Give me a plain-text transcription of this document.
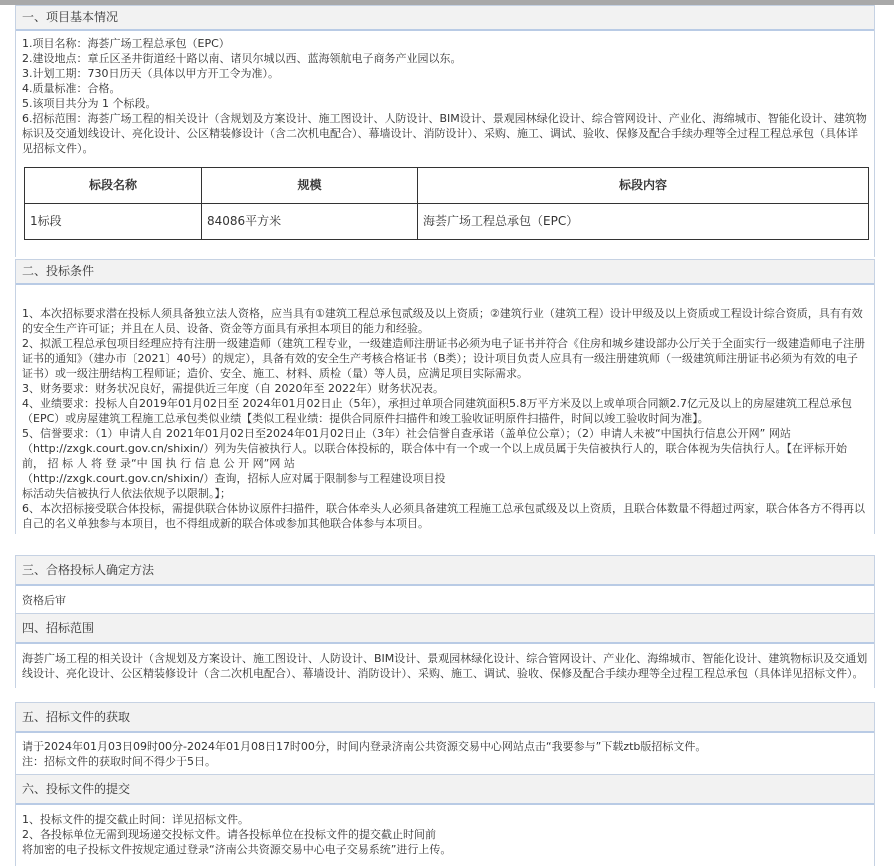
一、项目基本情况

1.项目名称：海荟广场工程总承包（EPC）

2.建设地点：章丘区圣井街道经十路以南、诸贝尔城以西、蓝海领航电子商务产业园以东。

3.计划工期：730日历天（具体以甲方开工令为准）。

4.质量标准：合格。

5.该项目共分为 1 个标段。

6.招标范围：海荟广场工程的相关设计（含规划及方案设计、施工图设计、人防设计、BIM设计、景观园林绿化设计、综合管网设计、产业化、海绵城市、智能化设计、建筑物标识及交通划线设计、亮化设计、公区精装修设计（含二次机电配合）、幕墙设计、消防设计）、采购、施工、调试、验收、保修及配合手续办理等全过程工程总承包（具体详见招标文件）。

标段名称	规模	标段内容
1标段	84086平方米	海荟广场工程总承包（EPC）
二、投标条件

1、本次招标要求潜在投标人须具备独立法人资格，应当具有①建筑工程总承包贰级及以上资质；②建筑行业（建筑工程）设计甲级及以上资质或工程设计综合资质，具有有效的安全生产许可证；并且在人员、设备、资金等方面具有承担本项目的能力和经验。

2、拟派工程总承包项目经理应持有注册一级建造师（建筑工程专业，一级建造师注册证书必须为电子证书并符合《住房和城乡建设部办公厅关于全面实行一级建造师电子注册证书的通知》（建办市〔2021〕40号）的规定），具备有效的安全生产考核合格证书（B类）；设计项目负责人应具有一级注册建筑师（一级建筑师注册证书必须为有效的电子证书）或一级注册结构工程师证；造价、安全、施工、材料、质检（量）等人员，应满足项目实际需求。

3、财务要求：财务状况良好，需提供近三年度（自 2020年至 2022年）财务状况表。

4、业绩要求：投标人自2019年01月02日至 2024年01月02日止（5年），承担过单项合同建筑面积5.8万平方米及以上或单项合同额2.7亿元及以上的房屋建筑工程总承包（EPC）或房屋建筑工程施工总承包类似业绩【类似工程业绩：提供合同原件扫描件和竣工验收证明原件扫描件，时间以竣工验收时间为准】。

5、信誉要求：（1）申请人自 2021年01月02日至2024年01月02日止（3年）社会信誉自查承诺（盖单位公章）；（2）申请人未被“中国执行信息公开网” 网站（http://zxgk.court.gov.cn/shixin/）列为失信被执行人。以联合体投标的，联合体中有一个或一个以上成员属于失信被执行人的，联合体视为失信执行人。【在评标开始前， 招 标 人 将 登 录“中 国 执 行 信 息 公 开 网”网 站

（http://zxgk.court.gov.cn/shixin/）查询，招标人应对属于限制参与工程建设项目投

标活动失信被执行人依法依规予以限制。】；

6、本次招标接受联合体投标，需提供联合体协议原件扫描件，联合体牵头人必须具备建筑工程施工总承包贰级及以上资质，且联合体数量不得超过两家，联合体各方不得再以自己的名义单独参与本项目，也不得组成新的联合体或参加其他联合体参与本项目。

三、合格投标人确定方法
资格后审
四、招标范围
海荟广场工程的相关设计（含规划及方案设计、施工图设计、人防设计、BIM设计、景观园林绿化设计、综合管网设计、产业化、海绵城市、智能化设计、建筑物标识及交通划线设计、亮化设计、公区精装修设计（含二次机电配合）、幕墙设计、消防设计）、采购、施工、调试、验收、保修及配合手续办理等全过程工程总承包（具体详见招标文件）。
五、招标文件的获取

请于2024年01月03日09时00分-2024年01月08日17时00分，时间内登录济南公共资源交易中心网站点击“我要参与”下载ztb版招标文件。

注：招标文件的获取时间不得少于5日。

六、投标文件的提交

1、投标文件的提交截止时间：详见招标文件。

2、各投标单位无需到现场递交投标文件。请各投标单位在投标文件的提交截止时间前

将加密的电子投标文件按规定通过登录“济南公共资源交易中心电子交易系统”进行上传。
